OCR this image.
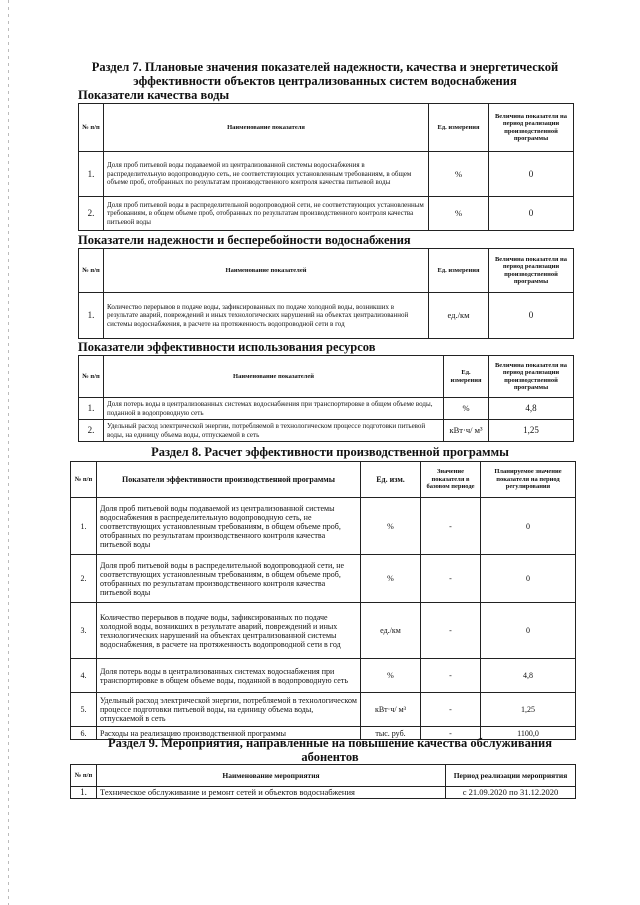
Раздел 7. Плановые значения показателей надежности, качества и энергетической
эффективности объектов централизованных систем водоснабжения
Показатели качества воды
№ п/п	Наименование показателя	Ед. измерения	Величина показателя на период реализации производственной программы
1.	Доля проб питьевой воды подаваемой из централизованной системы водоснабжения в распределительную водопроводную сеть, не соответствующих установленным требованиям, в общем объеме проб, отобранных по результатам производственного контроля качества питьевой воды	%	0
2.	Доля проб питьевой воды в распределительной водопроводной сети, не соответствующих установленным требованиям, в общем объеме проб, отобранных по результатам производственного контроля качества питьевой воды	%	0
Показатели надежности и бесперебойности водоснабжения
№ п/п	Наименование показателей	Ед. измерения	Величина показателя на период реализации производственной программы
1.	Количество перерывов в подаче воды, зафиксированных по подаче холодной воды, возникших в результате аварий, повреждений и иных технологических нарушений на объектах централизованной системы водоснабжения, в расчете на протяженность водопроводной сети в год	ед./км	0
Показатели эффективности использования ресурсов
№ п/п	Наименование показателей	Ед. измерения	Величина показателя на период реализации производственной программы
1.	Доля потерь воды в централизованных системах водоснабжения при транспортировке в общем объеме воды, поданной в водопроводную сеть	%	4,8
2.	Удельный расход электрической энергии, потребляемой в технологическом процессе подготовки питьевой воды, на единицу объема воды, отпускаемой в сеть	кВт·ч/ м³	1,25
Раздел 8. Расчет эффективности производственной программы
№ п/п	Показатели эффективности производственной программы	Ед. изм.	Значение показателя в базовом периоде	Планируемое значение показателя на период регулирования
1.	Доля проб питьевой воды подаваемой из централизованной системы водоснабжения в распределительную водопроводную сеть, не соответствующих установленным требованиям, в общем объеме проб, отобранных по результатам производственного контроля качества питьевой воды	%	-	0
2.	Доля проб питьевой воды в распределительной водопроводной сети, не соответствующих установленным требованиям, в общем объеме проб, отобранных по результатам производственного контроля качества питьевой воды	%	-	0
3.	Количество перерывов в подаче воды, зафиксированных по подаче холодной воды, возникших в результате аварий, повреждений и иных технологических нарушений на объектах централизованной системы водоснабжения, в расчете на протяженность водопроводной сети в год	ед./км	-	0
4.	Доля потерь воды в централизованных системах водоснабжения при транспортировке в общем объеме воды, поданной в водопроводную сеть	%	-	4,8
5.	Удельный расход электрической энергии, потребляемой в технологическом процессе подготовки питьевой воды, на единицу объема воды, отпускаемой в сеть	кВт·ч/ м³	-	1,25
6.	Расходы на реализацию производственной программы	тыс. руб.	-	1100,0
Раздел 9. Мероприятия, направленные на повышение качества обслуживания
абонентов
№ п/п	Наименование мероприятия	Период реализации мероприятия
1.	Техническое обслуживание и ремонт сетей и объектов водоснабжения	с 21.09.2020 по 31.12.2020
